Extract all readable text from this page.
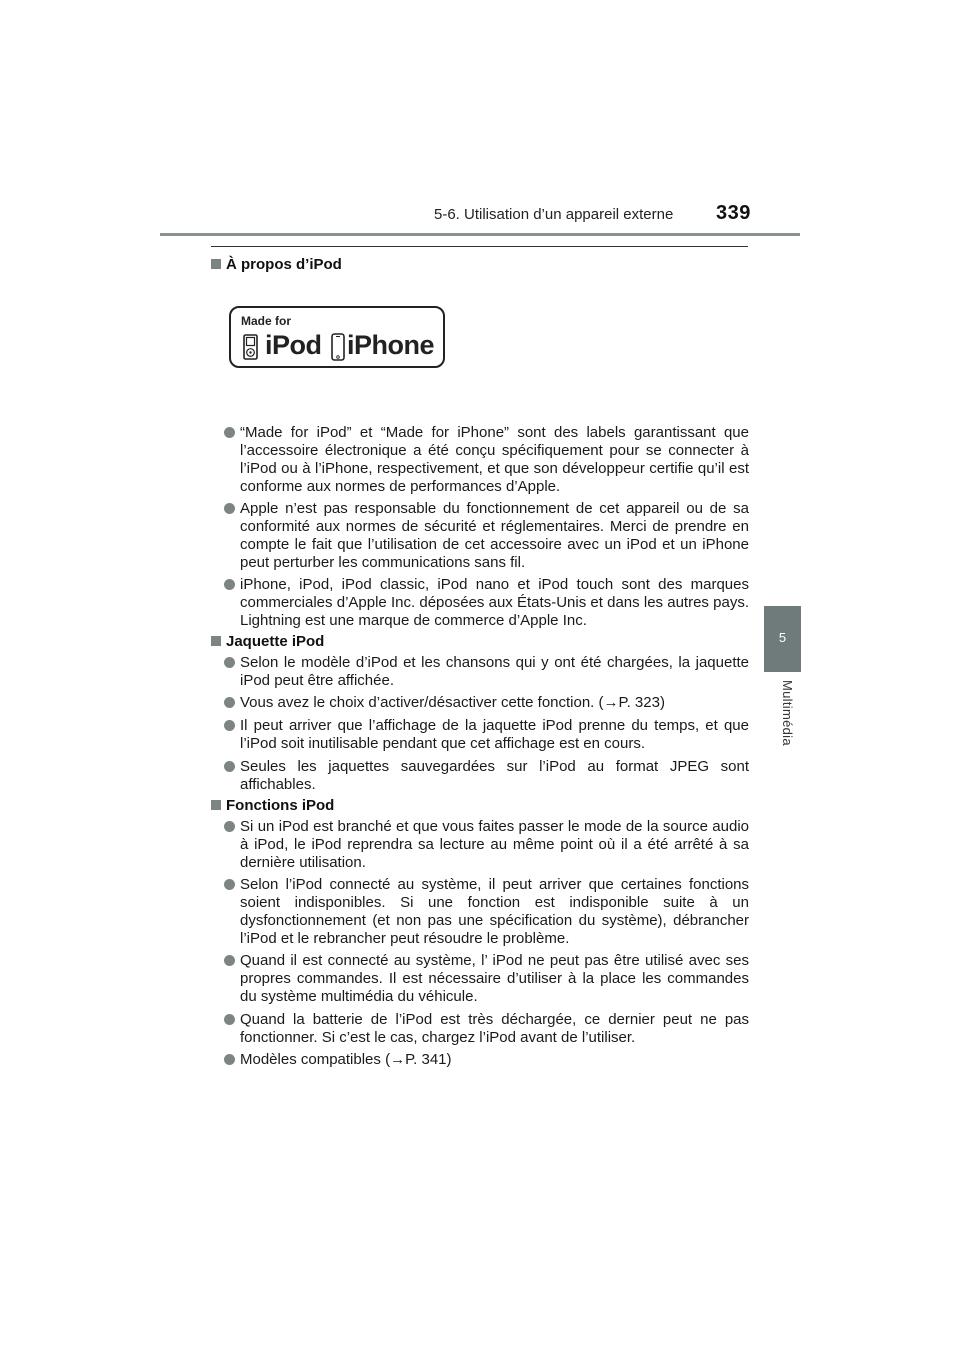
5-6. Utilisation d’un appareil externe 339
5
Multimédia
À propos d’iPod
Made for
iPod iPhone
“Made for iPod” et “Made for iPhone” sont des labels garantissant que l’accessoire électronique a été conçu spécifiquement pour se connecter à l’iPod ou à l’iPhone, respectivement, et que son développeur certifie qu’il est conforme aux normes de performances d’Apple.
Apple n’est pas responsable du fonctionnement de cet appareil ou de sa conformité aux normes de sécurité et réglementaires. Merci de prendre en compte le fait que l’utilisation de cet accessoire avec un iPod et un iPhone peut perturber les communications sans fil.
iPhone, iPod, iPod classic, iPod nano et iPod touch sont des marques commerciales d’Apple Inc. déposées aux États-Unis et dans les autres pays. Lightning est une marque de commerce d’Apple Inc.
Jaquette iPod
Selon le modèle d’iPod et les chansons qui y ont été chargées, la jaquette iPod peut être affichée.
Vous avez le choix d’activer/désactiver cette fonction. (→P. 323)
Il peut arriver que l’affichage de la jaquette iPod prenne du temps, et que l’iPod soit inutilisable pendant que cet affichage est en cours.
Seules les jaquettes sauvegardées sur l’iPod au format JPEG sont affichables.
Fonctions iPod
Si un iPod est branché et que vous faites passer le mode de la source audio à iPod, le iPod reprendra sa lecture au même point où il a été arrêté à sa dernière utilisation.
Selon l’iPod connecté au système, il peut arriver que certaines fonctions soient indisponibles. Si une fonction est indisponible suite à un dysfonctionnement (et non pas une spécification du système), débrancher l’iPod et le rebrancher peut résoudre le problème.
Quand il est connecté au système, l’ iPod ne peut pas être utilisé avec ses propres commandes. Il est nécessaire d’utiliser à la place les commandes du système multimédia du véhicule.
Quand la batterie de l’iPod est très déchargée, ce dernier peut ne pas fonctionner. Si c’est le cas, chargez l’iPod avant de l’utiliser.
Modèles compatibles (→P. 341)
